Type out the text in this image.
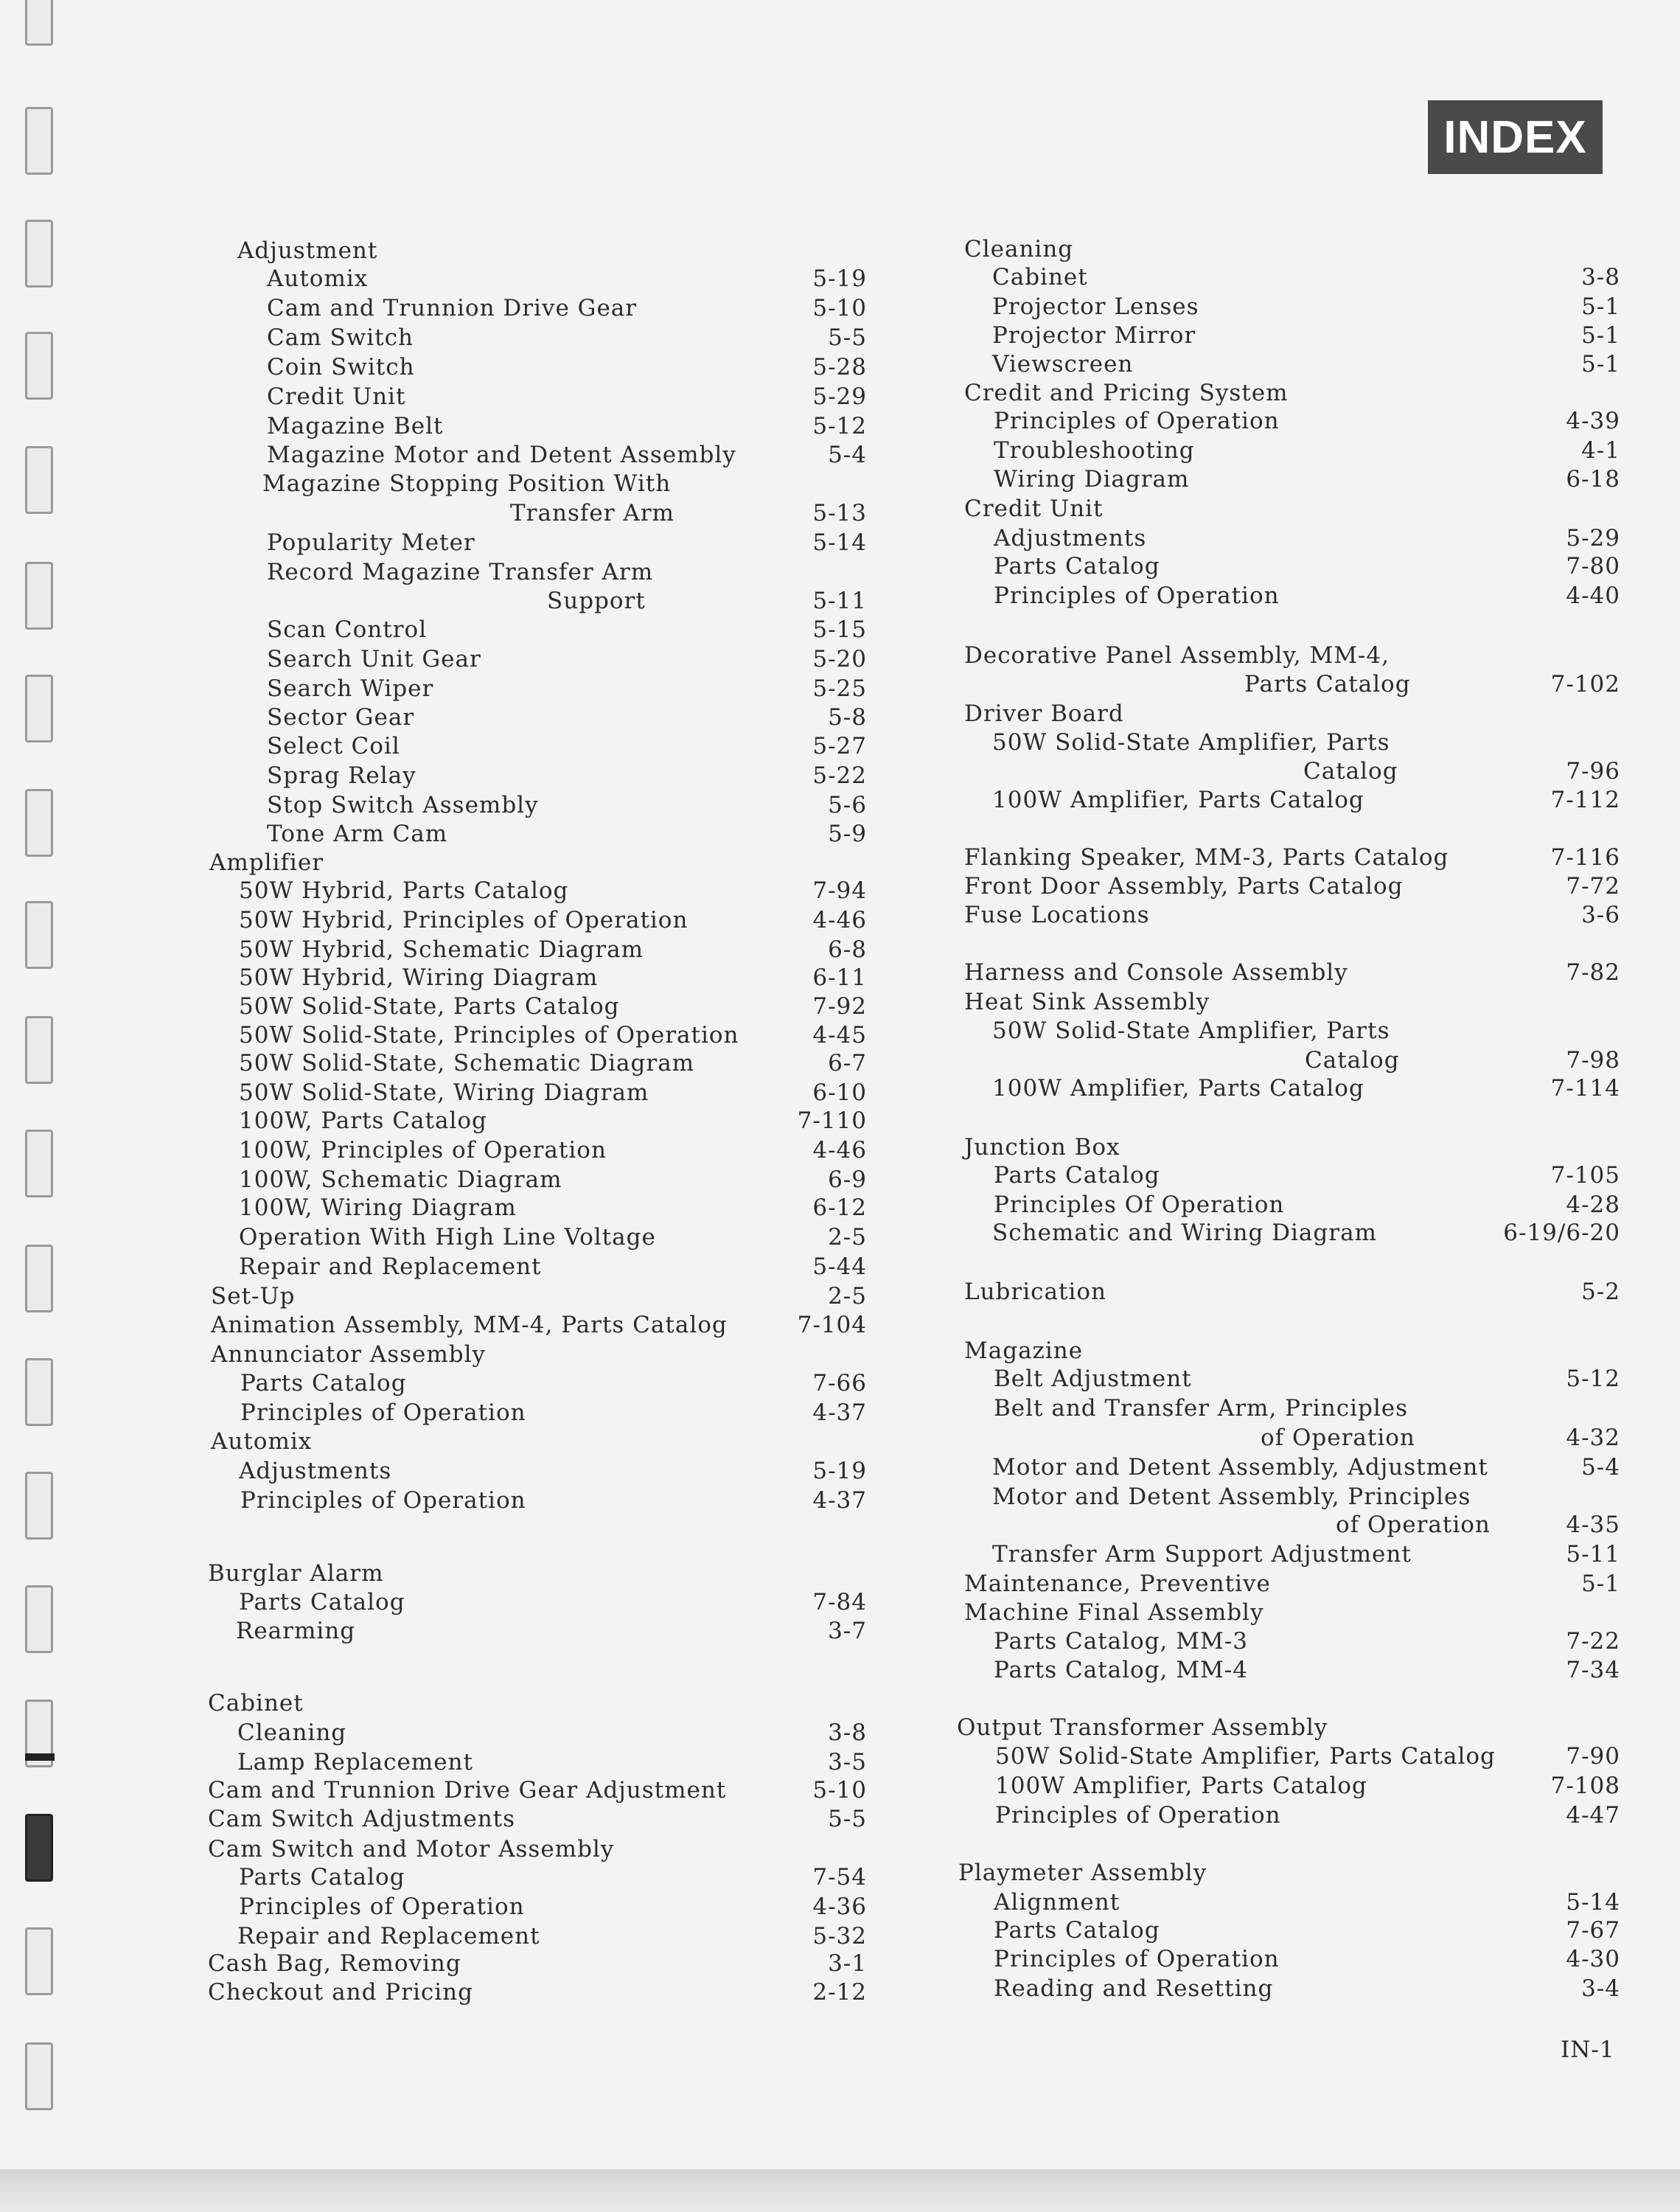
INDEX
Adjustment
Automix	5-19
Cam and Trunnion Drive Gear	5-10
Cam Switch	5-5
Coin Switch	5-28
Credit Unit	5-29
Magazine Belt	5-12
Magazine Motor and Detent Assembly	5-4
Magazine Stopping Position With
Transfer Arm	5-13
Popularity Meter	5-14
Record Magazine Transfer Arm
Support	5-11
Scan Control	5-15
Search Unit Gear	5-20
Search Wiper	5-25
Sector Gear	5-8
Select Coil	5-27
Sprag Relay	5-22
Stop Switch Assembly	5-6
Tone Arm Cam	5-9
Amplifier
50W Hybrid, Parts Catalog	7-94
50W Hybrid, Principles of Operation	4-46
50W Hybrid, Schematic Diagram	6-8
50W Hybrid, Wiring Diagram	6-11
50W Solid-State, Parts Catalog	7-92
50W Solid-State, Principles of Operation	4-45
50W Solid-State, Schematic Diagram	6-7
50W Solid-State, Wiring Diagram	6-10
100W, Parts Catalog	7-110
100W, Principles of Operation	4-46
100W, Schematic Diagram	6-9
100W, Wiring Diagram	6-12
Operation With High Line Voltage	2-5
Repair and Replacement	5-44
Set-Up	2-5
Animation Assembly, MM-4, Parts Catalog	7-104
Annunciator Assembly
Parts Catalog	7-66
Principles of Operation	4-37
Automix
Adjustments	5-19
Principles of Operation	4-37
Burglar Alarm
Parts Catalog	7-84
Rearming	3-7
Cabinet
Cleaning	3-8
Lamp Replacement	3-5
Cam and Trunnion Drive Gear Adjustment	5-10
Cam Switch Adjustments	5-5
Cam Switch and Motor Assembly
Parts Catalog	7-54
Principles of Operation	4-36
Repair and Replacement	5-32
Cash Bag, Removing	3-1
Checkout and Pricing	2-12
Cleaning
Cabinet	3-8
Projector Lenses	5-1
Projector Mirror	5-1
Viewscreen	5-1
Credit and Pricing System
Principles of Operation	4-39
Troubleshooting	4-1
Wiring Diagram	6-18
Credit Unit
Adjustments	5-29
Parts Catalog	7-80
Principles of Operation	4-40
Decorative Panel Assembly, MM-4,
Parts Catalog	7-102
Driver Board
50W Solid-State Amplifier, Parts
Catalog	7-96
100W Amplifier, Parts Catalog	7-112
Flanking Speaker, MM-3, Parts Catalog	7-116
Front Door Assembly, Parts Catalog	7-72
Fuse Locations	3-6
Harness and Console Assembly	7-82
Heat Sink Assembly
50W Solid-State Amplifier, Parts
Catalog	7-98
100W Amplifier, Parts Catalog	7-114
Junction Box
Parts Catalog	7-105
Principles Of Operation	4-28
Schematic and Wiring Diagram	6-19/6-20
Lubrication	5-2
Magazine
Belt Adjustment	5-12
Belt and Transfer Arm, Principles
of Operation	4-32
Motor and Detent Assembly, Adjustment	5-4
Motor and Detent Assembly, Principles
of Operation	4-35
Transfer Arm Support Adjustment	5-11
Maintenance, Preventive	5-1
Machine Final Assembly
Parts Catalog, MM-3	7-22
Parts Catalog, MM-4	7-34
Output Transformer Assembly
50W Solid-State Amplifier, Parts Catalog	7-90
100W Amplifier, Parts Catalog	7-108
Principles of Operation	4-47
Playmeter Assembly
Alignment	5-14
Parts Catalog	7-67
Principles of Operation	4-30
Reading and Resetting	3-4
IN-1
